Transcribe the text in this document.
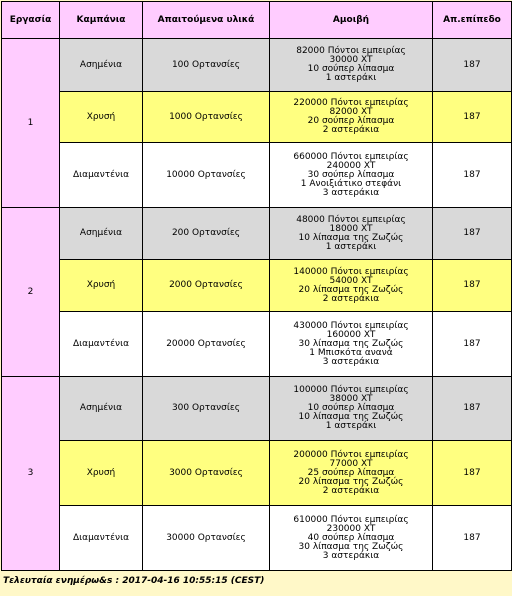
Εργασία	Καμπάνια	Απαιτούμενα υλικά	Αμοιβή	Απ.επίπεδο
1	Ασημένια	100 Ορτανσίες	82000 Πόντοι εμπειρίας
30000 XT
10 σούπερ λίπασμα
1 αστεράκι	187
	Χρυσή	1000 Ορτανσίες	220000 Πόντοι εμπειρίας
82000 XT
20 σούπερ λίπασμα
2 αστεράκια	187
	Διαμαντένια	10000 Ορτανσίες	660000 Πόντοι εμπειρίας
240000 XT
30 σούπερ λίπασμα
1 Ανοιξιάτικο στεφάνι
3 αστεράκια	187
2	Ασημένια	200 Ορτανσίες	48000 Πόντοι εμπειρίας
18000 XT
10 λίπασμα της Ζωζώς
1 αστεράκι	187
	Χρυσή	2000 Ορτανσίες	140000 Πόντοι εμπειρίας
54000 XT
20 λίπασμα της Ζωζώς
2 αστεράκια	187
	Διαμαντένια	20000 Ορτανσίες	430000 Πόντοι εμπειρίας
160000 XT
30 λίπασμα της Ζωζώς
1 Μπισκότα ανανά
3 αστεράκια	187
3	Ασημένια	300 Ορτανσίες	100000 Πόντοι εμπειρίας
38000 XT
10 σούπερ λίπασμα
10 λίπασμα της Ζωζώς
1 αστεράκι	187
	Χρυσή	3000 Ορτανσίες	200000 Πόντοι εμπειρίας
77000 XT
25 σούπερ λίπασμα
20 λίπασμα της Ζωζώς
2 αστεράκια	187
	Διαμαντένια	30000 Ορτανσίες	610000 Πόντοι εμπειρίας
230000 XT
40 σούπερ λίπασμα
30 λίπασμα της Ζωζώς
3 αστεράκια	187
Τελευταία ενημέρω&s : 2017-04-16 10:55:15 (CEST)
